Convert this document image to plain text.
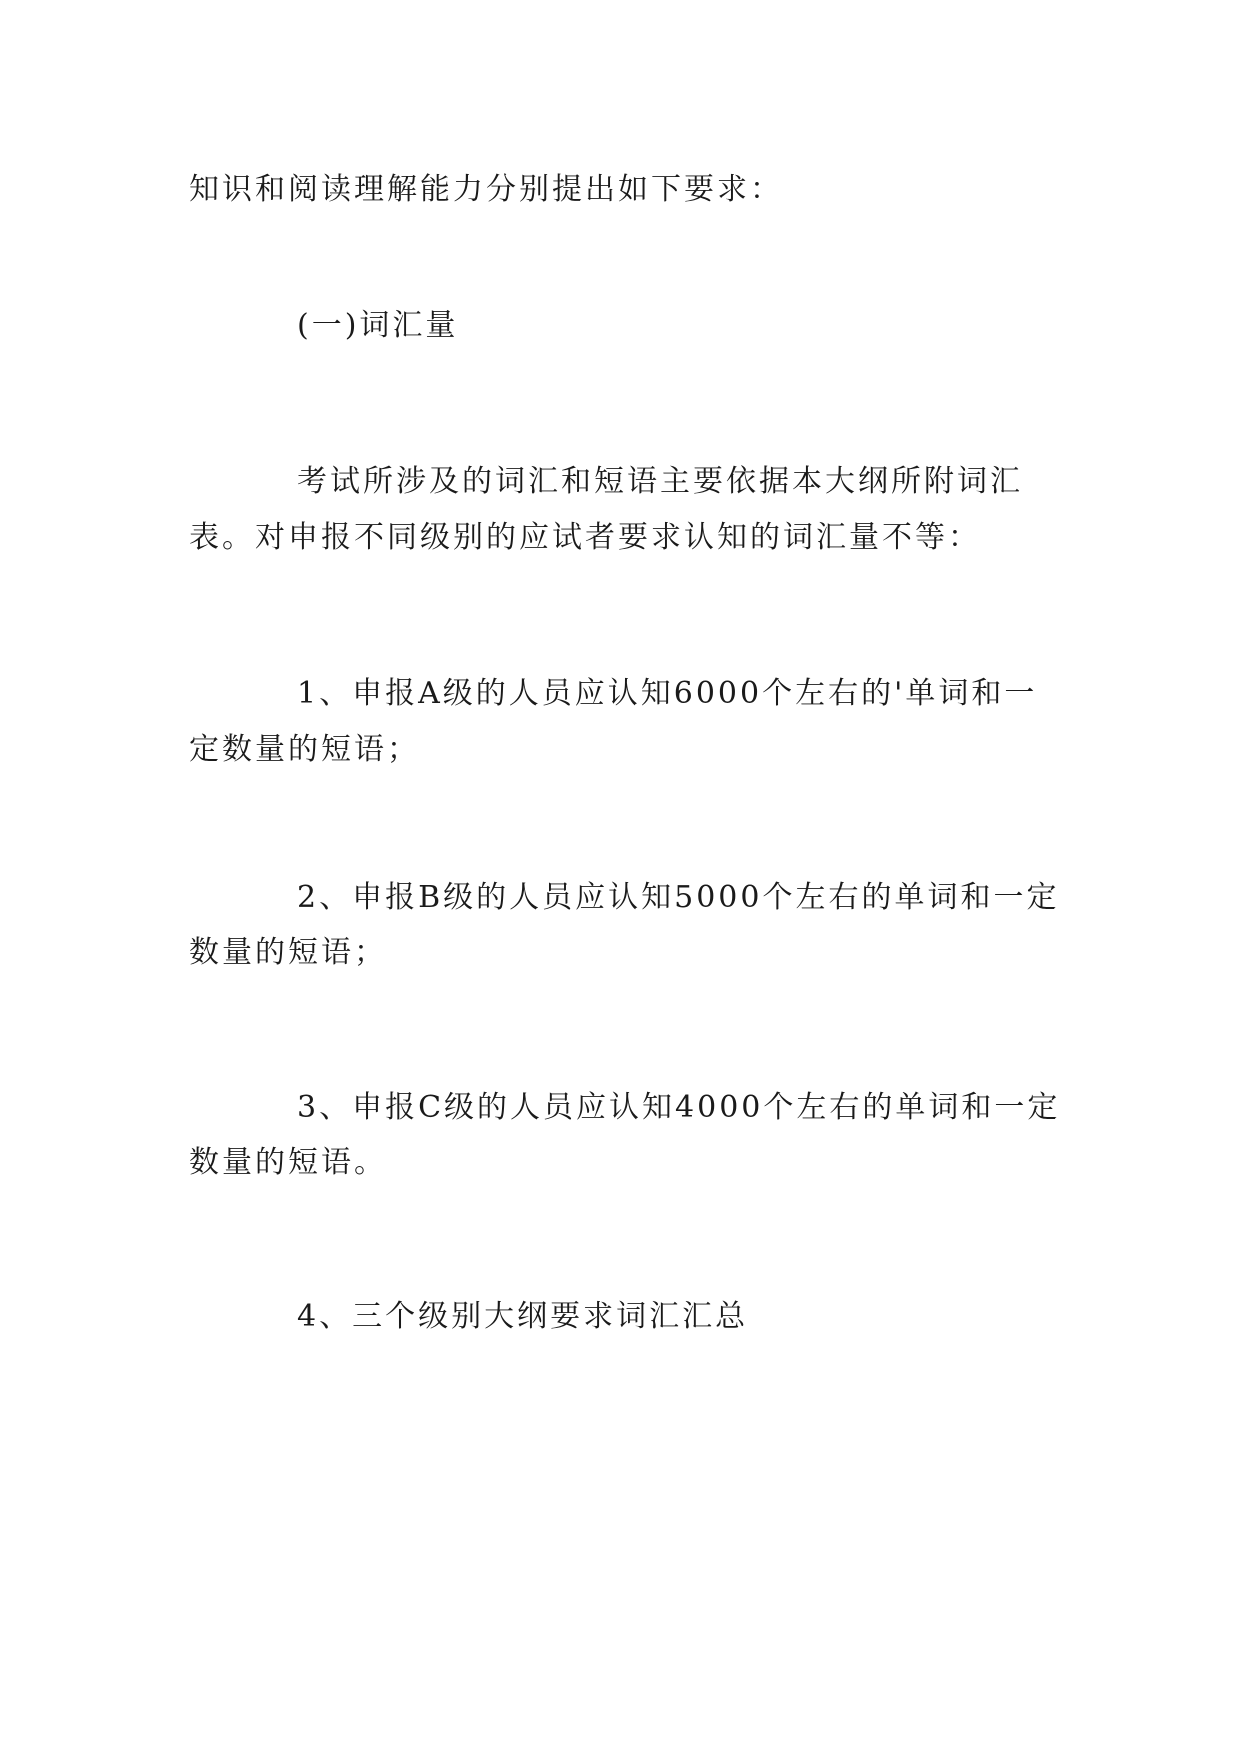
知识和阅读理解能力分别提出如下要求：
(一)词汇量
考试所涉及的词汇和短语主要依据本大纲所附词汇
表。对申报不同级别的应试者要求认知的词汇量不等：
1、申报A级的人员应认知6000个左右的'单词和一
定数量的短语；
2、申报B级的人员应认知5000个左右的单词和一定
数量的短语；
3、申报C级的人员应认知4000个左右的单词和一定
数量的短语。
4、三个级别大纲要求词汇汇总
